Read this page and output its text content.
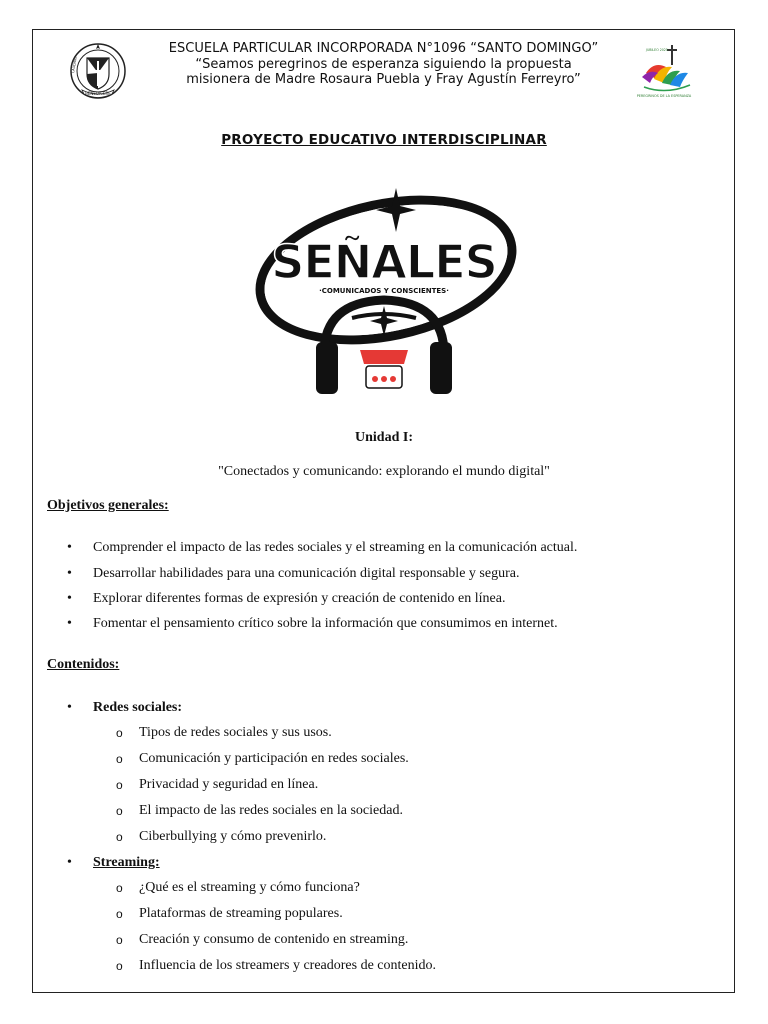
BENEDICERE
LAUDARE
ESCUELA PARTICULAR INCORPORADA N°1096 “SANTO DOMINGO”
“Seamos peregrinos de esperanza siguiendo la propuesta
misionera de Madre Rosaura Puebla y Fray Agustín Ferreyro”
PEREGRINOS DE LA ESPERANZA
JUBILEO 2025
PROYECTO EDUCATIVO INTERDISCIPLINAR
SEÑALES
·COMUNICADOS Y CONSCIENTES·
Unidad I:
"Conectados y comunicando: explorando el mundo digital"
Objetivos generales:
• Comprender el impacto de las redes sociales y el streaming en la comunicación actual.
• Desarrollar habilidades para una comunicación digital responsable y segura.
• Explorar diferentes formas de expresión y creación de contenido en línea.
• Fomentar el pensamiento crítico sobre la información que consumimos en internet.
Contenidos:
• Redes sociales:
o Tipos de redes sociales y sus usos.
o Comunicación y participación en redes sociales.
o Privacidad y seguridad en línea.
o El impacto de las redes sociales en la sociedad.
o Ciberbullying y cómo prevenirlo.
• Streaming:
o ¿Qué es el streaming y cómo funciona?
o Plataformas de streaming populares.
o Creación y consumo de contenido en streaming.
o Influencia de los streamers y creadores de contenido.
